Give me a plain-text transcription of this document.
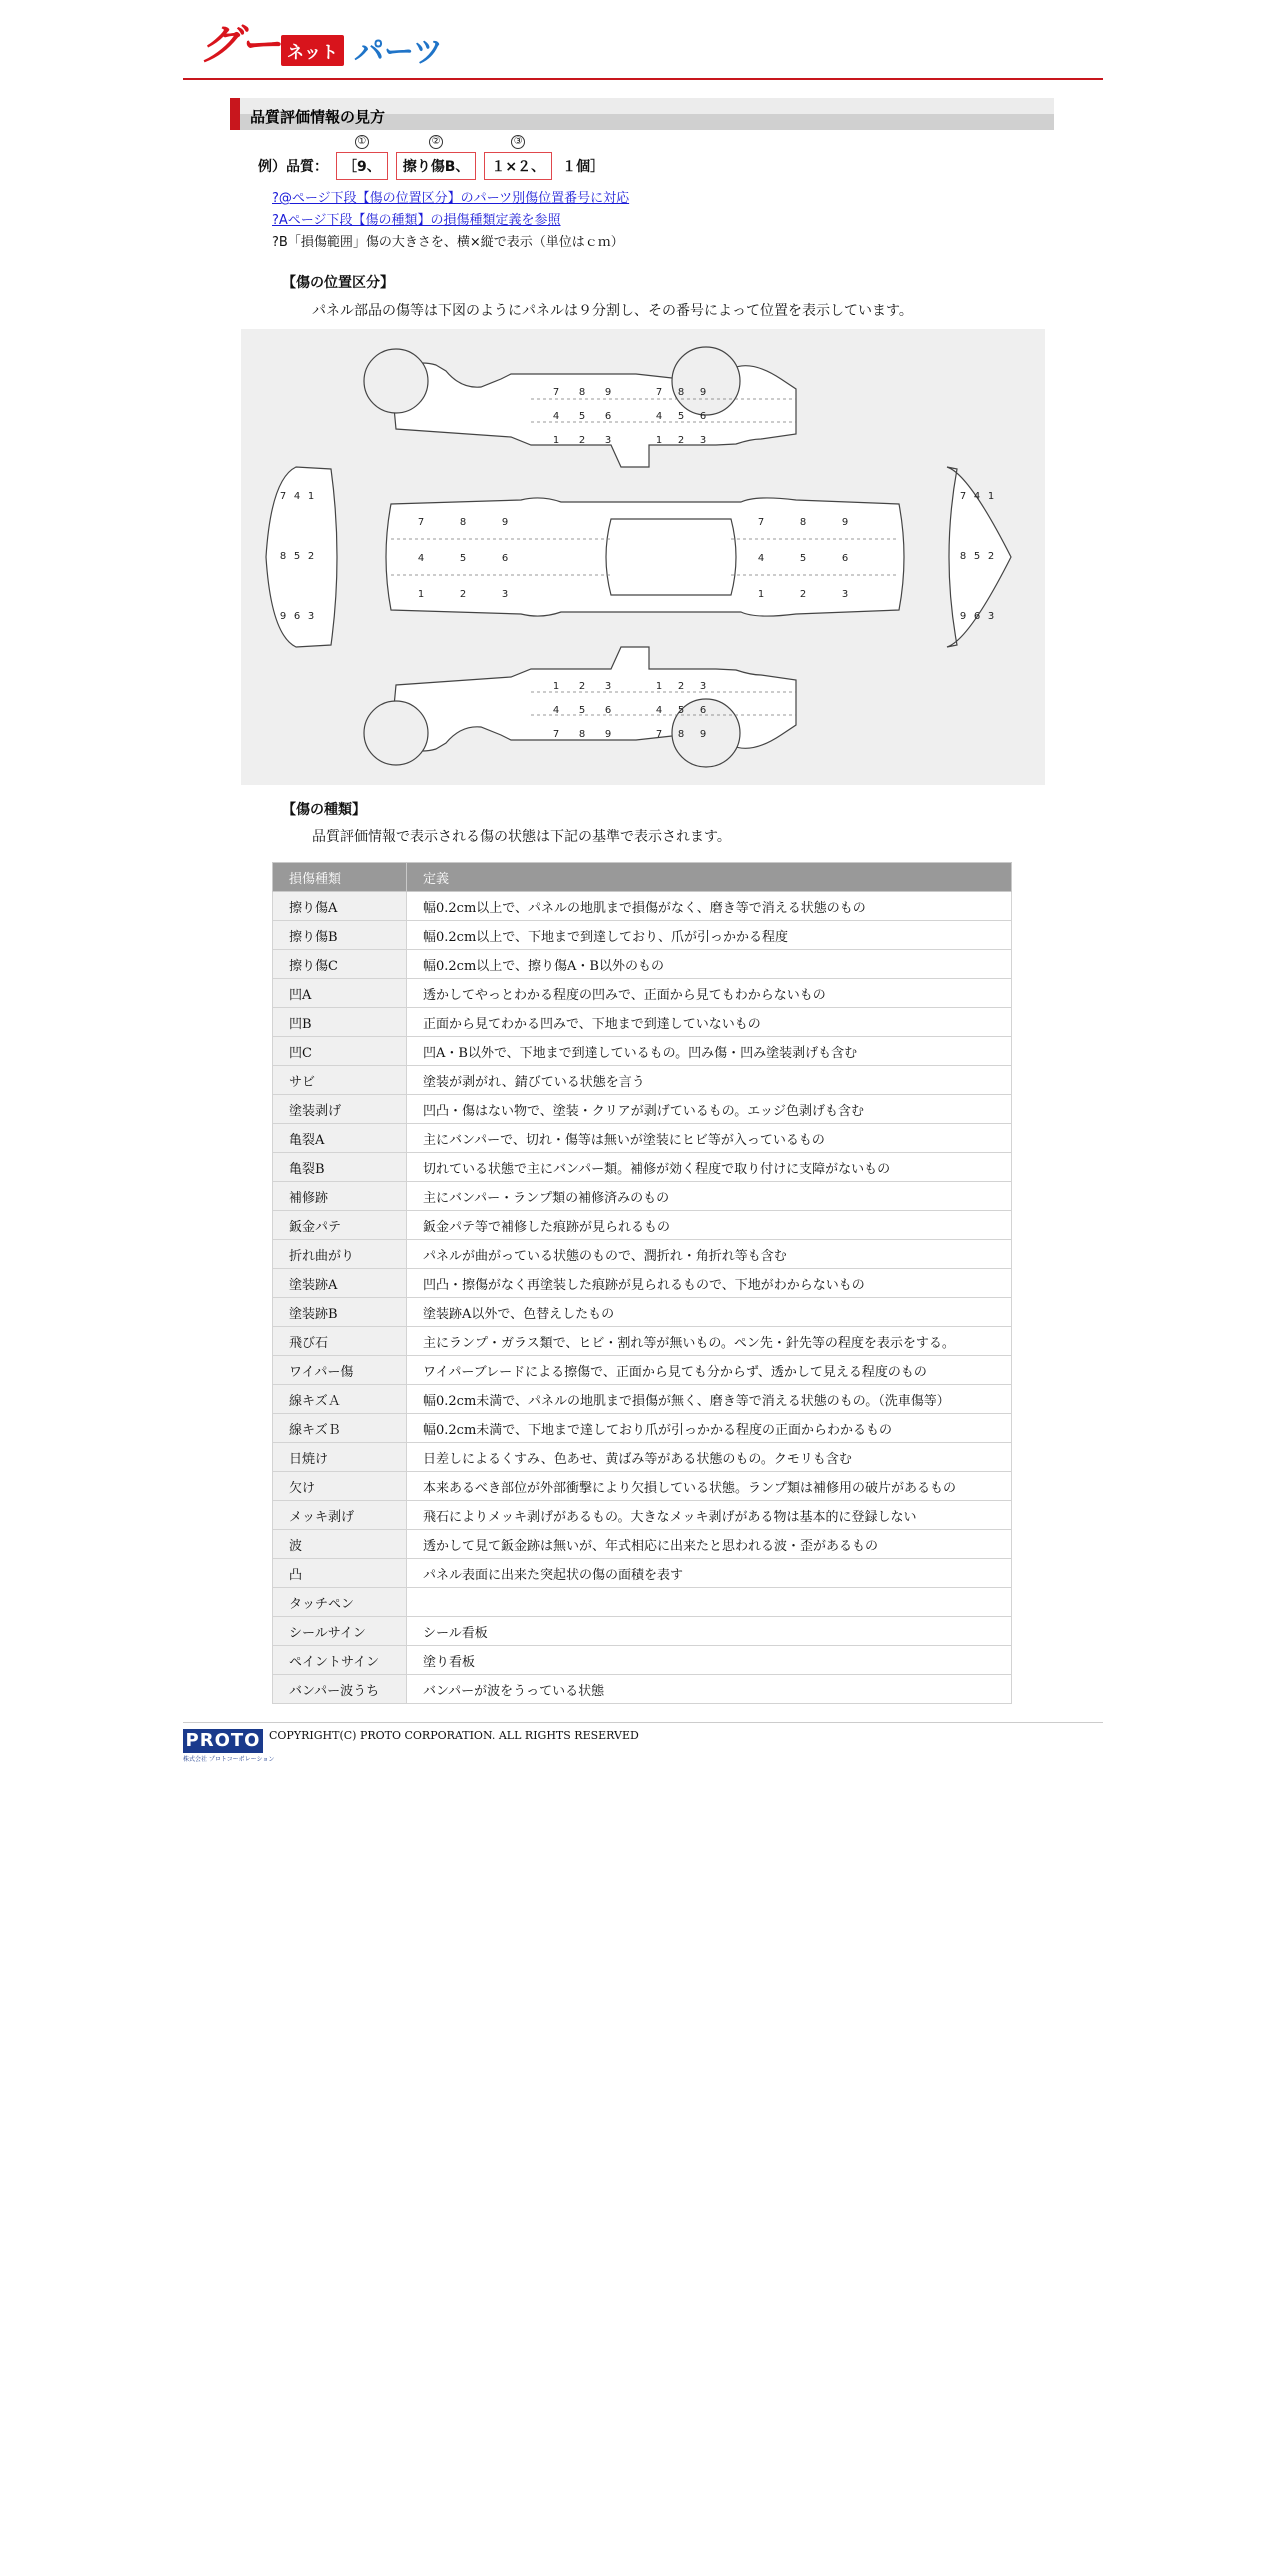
グー ネット パーツ
品質評価情報の見方
例）品質：
①
［9、
②
擦り傷B、
③
１×２、	１個］
?@ページ下段【傷の位置区分】のパーツ別傷位置番号に対応
?Aページ下段【傷の種類】の損傷種類定義を参照
?B「損傷範囲」傷の大きさを、横×縦で表示（単位はｃｍ）
【傷の位置区分】
パネル部品の傷等は下図のようにパネルは９分割し、その番号によって位置を表示しています。
7
1
8
2
9
3
4
4
5
5
6
6
1
7
2
8
3
9
7
1
8
2
9
3
4
4
5
5
6
6
1
7
2
8
3
9
7	7
8	8
9	9
4	4
5	5
6	6
1	1
2	2
3	3
7	7
4	4
1	1
8	8
5	5
2	2
9	9
6	6
3	3
【傷の種類】
品質評価情報で表示される傷の状態は下記の基準で表示されます。
損傷種類	定義
擦り傷A	幅0.2cm以上で、パネルの地肌まで損傷がなく、磨き等で消える状態のもの
擦り傷B	幅0.2cm以上で、下地まで到達しており、爪が引っかかる程度
擦り傷C	幅0.2cm以上で、擦り傷A・B以外のもの
凹A	透かしてやっとわかる程度の凹みで、正面から見てもわからないもの
凹B	正面から見てわかる凹みで、下地まで到達していないもの
凹C	凹A・B以外で、下地まで到達しているもの。凹み傷・凹み塗装剥げも含む
サビ	塗装が剥がれ、錆びている状態を言う
塗装剥げ	凹凸・傷はない物で、塗装・クリアが剥げているもの。エッジ色剥げも含む
亀裂A	主にバンパーで、切れ・傷等は無いが塗装にヒビ等が入っているもの
亀裂B	切れている状態で主にバンパー類。補修が効く程度で取り付けに支障がないもの
補修跡	主にバンパー・ランプ類の補修済みのもの
鈑金パテ	鈑金パテ等で補修した痕跡が見られるもの
折れ曲がり	パネルが曲がっている状態のもので、潤折れ・角折れ等も含む
塗装跡A	凹凸・擦傷がなく再塗装した痕跡が見られるもので、下地がわからないもの
塗装跡B	塗装跡A以外で、色替えしたもの
飛び石	主にランプ・ガラス類で、ヒビ・割れ等が無いもの。ペン先・針先等の程度を表示をする。
ワイパー傷	ワイパーブレードによる擦傷で、正面から見ても分からず、透かして見える程度のもの
線キズＡ	幅0.2cm未満で、パネルの地肌まで損傷が無く、磨き等で消える状態のもの。（洗車傷等）
線キズＢ	幅0.2cm未満で、下地まで達しており爪が引っかかる程度の正面からわかるもの
日焼け	日差しによるくすみ、色あせ、黄ばみ等がある状態のもの。クモリも含む
欠け	本来あるべき部位が外部衝撃により欠損している状態。ランプ類は補修用の破片があるもの
メッキ剥げ	飛石によりメッキ剥げがあるもの。大きなメッキ剥げがある物は基本的に登録しない
波	透かして見て鈑金跡は無いが、年式相応に出来たと思われる波・歪があるもの
凸	パネル表面に出来た突起状の傷の面積を表す
タッチペン	
シールサイン	シール看板
ペイントサイン	塗り看板
バンパー波うち	バンパーが波をうっている状態
PROTO
株式会社 プロトコーポレーション
COPYRIGHT(C) PROTO CORPORATION. ALL RIGHTS RESERVED
